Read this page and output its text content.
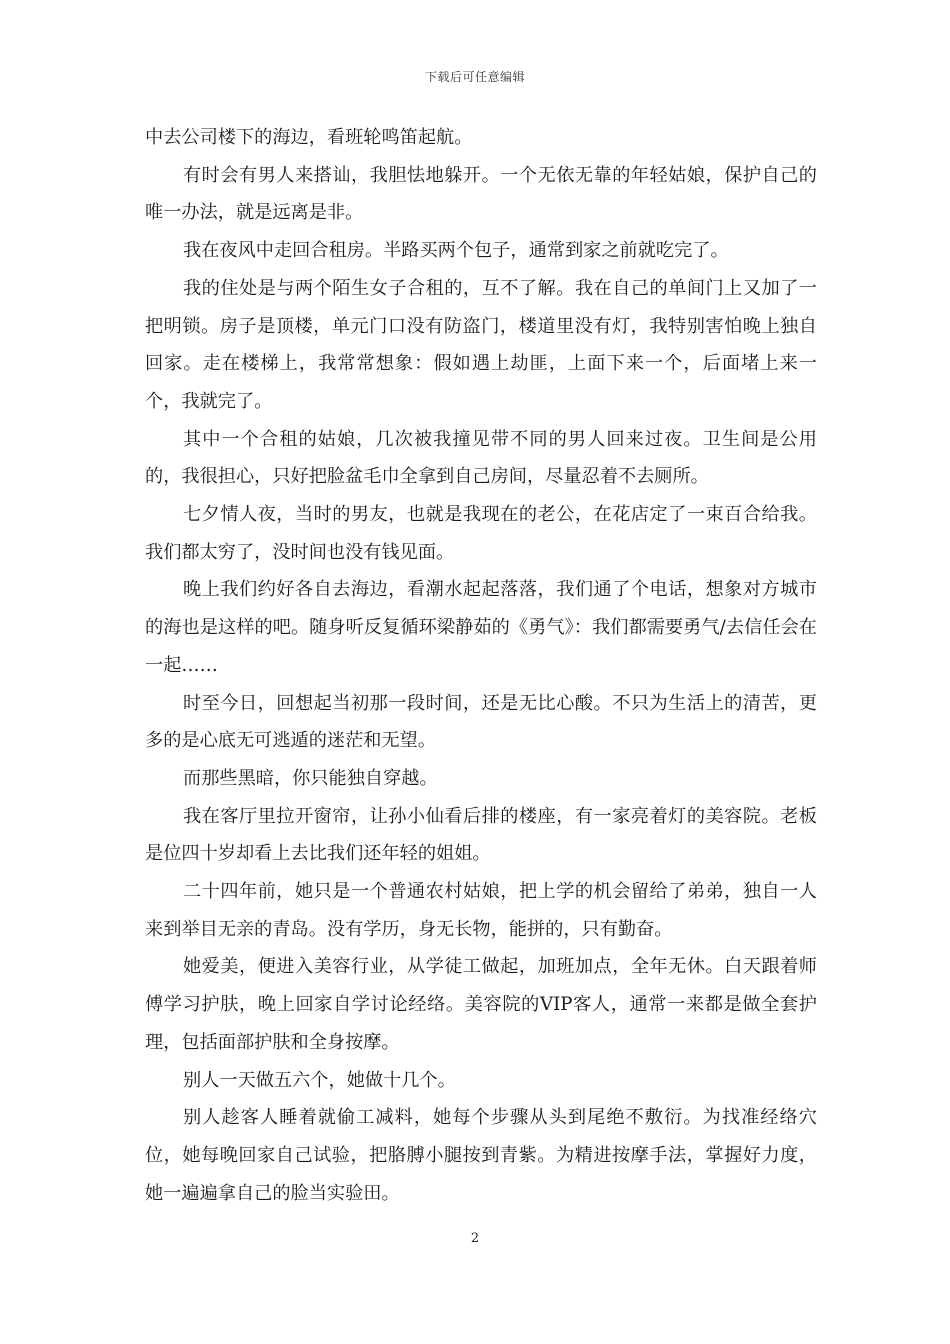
下载后可任意编辑

中去公司楼下的海边，看班轮鸣笛起航。

有时会有男人来搭讪，我胆怯地躲开。一个无依无靠的年轻姑娘，保护自己的唯一办法，就是远离是非。

我在夜风中走回合租房。半路买两个包子，通常到家之前就吃完了。

我的住处是与两个陌生女子合租的，互不了解。我在自己的单间门上又加了一把明锁。房子是顶楼，单元门口没有防盗门，楼道里没有灯，我特别害怕晚上独自回家。走在楼梯上，我常常想象：假如遇上劫匪，上面下来一个，后面堵上来一个，我就完了。

其中一个合租的姑娘，几次被我撞见带不同的男人回来过夜。卫生间是公用的，我很担心，只好把脸盆毛巾全拿到自己房间，尽量忍着不去厕所。

七夕情人夜，当时的男友，也就是我现在的老公，在花店定了一束百合给我。我们都太穷了，没时间也没有钱见面。

晚上我们约好各自去海边，看潮水起起落落，我们通了个电话，想象对方城市的海也是这样的吧。随身听反复循环梁静茹的《勇气》：我们都需要勇气/去信任会在一起……

时至今日，回想起当初那一段时间，还是无比心酸。不只为生活上的清苦，更多的是心底无可逃遁的迷茫和无望。

而那些黑暗，你只能独自穿越。

我在客厅里拉开窗帘，让孙小仙看后排的楼座，有一家亮着灯的美容院。老板是位四十岁却看上去比我们还年轻的姐姐。

二十四年前，她只是一个普通农村姑娘，把上学的机会留给了弟弟，独自一人来到举目无亲的青岛。没有学历，身无长物，能拼的，只有勤奋。

她爱美，便进入美容行业，从学徒工做起，加班加点，全年无休。白天跟着师傅学习护肤，晚上回家自学讨论经络。美容院的VIP客人，通常一来都是做全套护理，包括面部护肤和全身按摩。

别人一天做五六个，她做十几个。

别人趁客人睡着就偷工减料，她每个步骤从头到尾绝不敷衍。为找准经络穴位，她每晚回家自己试验，把胳膊小腿按到青紫。为精进按摩手法，掌握好力度，她一遍遍拿自己的脸当实验田。

2
